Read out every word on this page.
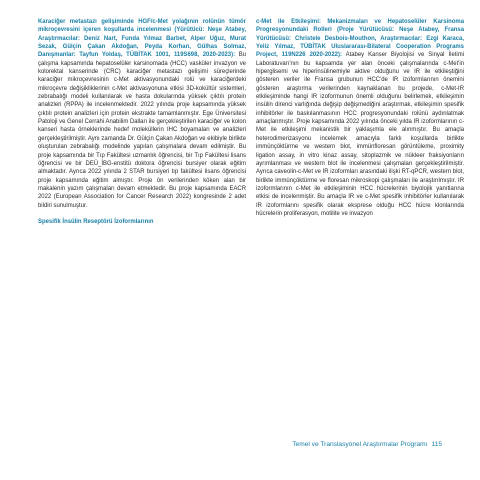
Karaciğer metastazı gelişiminde HGF/c-Met yolağının rolünün tümör mikroçevresini içeren koşullarda incelenmesi (Yürütücü: Neşe Atabey, Araştırmacılar: Deniz Nart, Funda Yılmaz Barbet, Alper Uğuz, Murat Sezak, Gülçin Çakan Akdoğan, Peyda Korhan, Gülhas Solmaz, Danışmanlar: Tayfun Yoldaş, TÜBİTAK 1001, 119S698, 2020-2023): Bu çalışma kapsamında hepatoselüler karsinomada (HCC) vasküler invazyon ve kolorektal kanserinde (CRC) karaciğer metastazı gelişimi süreçlerinde karaciğer mikroçevresinin c-Met aktivasyonundaki rolü ve karaciğerdeki mikroçevre değişikliklerinin c-Met aktivasyonuna etkisi 3D-kokültür sistemleri, zebrabalığı modeli kullanılarak ve hasta dokularında yüksek çıktılı protein analizleri (RPPA) ile incelenmektedir. 2022 yılında proje kapsamında yüksek çıktılı protein analizleri için protein ekstrakte tamamlanmıştır. Ege Üniversitesi Patoloji ve Genel Cerrahi Anabilim Dalları ile gerçekleştirilen karaciğer ve kolon kanseri hasta örneklerinde hedef moleküllerin IHC boyamaları ve analizleri gerçekleştirilmiştir. Aynı zamanda Dr. Gülçin Çakan Akdoğan ve ekibiyle birlikte oluşturulan zebrabalığı modelinde yapılan çalışmalara devam edilmiştir. Bu proje kapsamında bir Tıp Fakültesi uzmanlık öğrencisi, bir Tıp Fakültesi lisans öğrencisi ve bir DEÜ_İBG-enstitü doktora öğrencisi bursiyer olarak eğitim almaktadır. Ayrıca 2022 yılında 2 STAR bursiyeri tıp fakültesi lisans öğrencisi proje kapsamında eğitim almıştır. Proje ön verilerinden köken alan bir makalenin yazım çalışmaları devam etmektedir. Bu proje kapsamında EACR 2022 (European Association for Cancer Research 2022) kongresinde 2 adet bildiri sunulmuştur.

Spesifik İnsülin Reseptörü İzoformlarının

c-Met ile Etkileşimi: Mekanizmaları ve Hepatoselüler Karsinoma Progresyonundaki Rolleri (Proje Yürütücüsü: Neşe Atabey, Fransa Yürütücüsü: Christele Desbois-Mouthon, Araştırmacılar: Ezgi Karaca, Yeliz Yılmaz, TÜBİTAK Uluslararası-Bilateral Cooperation Programs Project, 119N226 2020-2022): Atabey Kanser Biyolojisi ve Sinyal İletimi Laboratuvarı'nın bu kapsamda yer alan önceki çalışmalarında c-Met'in hiperglisemi ve hiperinsülinemiyle aktive olduğunu ve IR ile etkileştiğini gösteren veriler ile Fransa grubunun HCC'de IR izoformlarının önemini gösteren araştırma verilerinden kaynaklanan bu projede, c-Met-IR etkileşiminde hangi IR izoformunun önemli olduğunu belirlemek, etkileşimin insülin direnci varlığında değişip değişmediğini araştırmak, etkileşimin spesifik inhibitörler ile baskılanmasının HCC progresyonundaki rolünü aydınlatmak amaçlanmıştır. Proje kapsamında 2022 yılında önceki yılda IR izoformlarının c-Met ile etkileşimi mekanistik bir yaklaşımla ele alınmıştır. Bu amaçla heterodimerizasyonu incelemek amacıyla farklı koşullarda birlikte immünçöktürme ve western blot, immünfloresan görüntüleme, proximity ligation assay, in vitro kinaz assay, sitoplazmik ve nükleer fraksiyonların ayrımlanması ve western blot ile incelenmesi çalışmaları gerçekleştirilmiştir. Ayrıca caveolin-c-Met ve IR izoformları arasındaki ilişki RT-qPCR, western blot, birlikte immünçöktürme ve floresan mikroskopi çalışmaları ile araştırılmıştır. IR izoformlarının c-Met ile etkileşiminin HCC hücrelerinin biyolojik yanıtlarına etkisi de incelenmiştir. Bu amaçla IR ve c-Met spesifik inhibitörler kullanılarak IR izoformlarını spesifik olarak eksprese olduğu HCC hücre klonlarında hücrelerin proliferasyon, motilite ve invazyon

Temel ve Translasyonel Araştırmalar Programı 115
